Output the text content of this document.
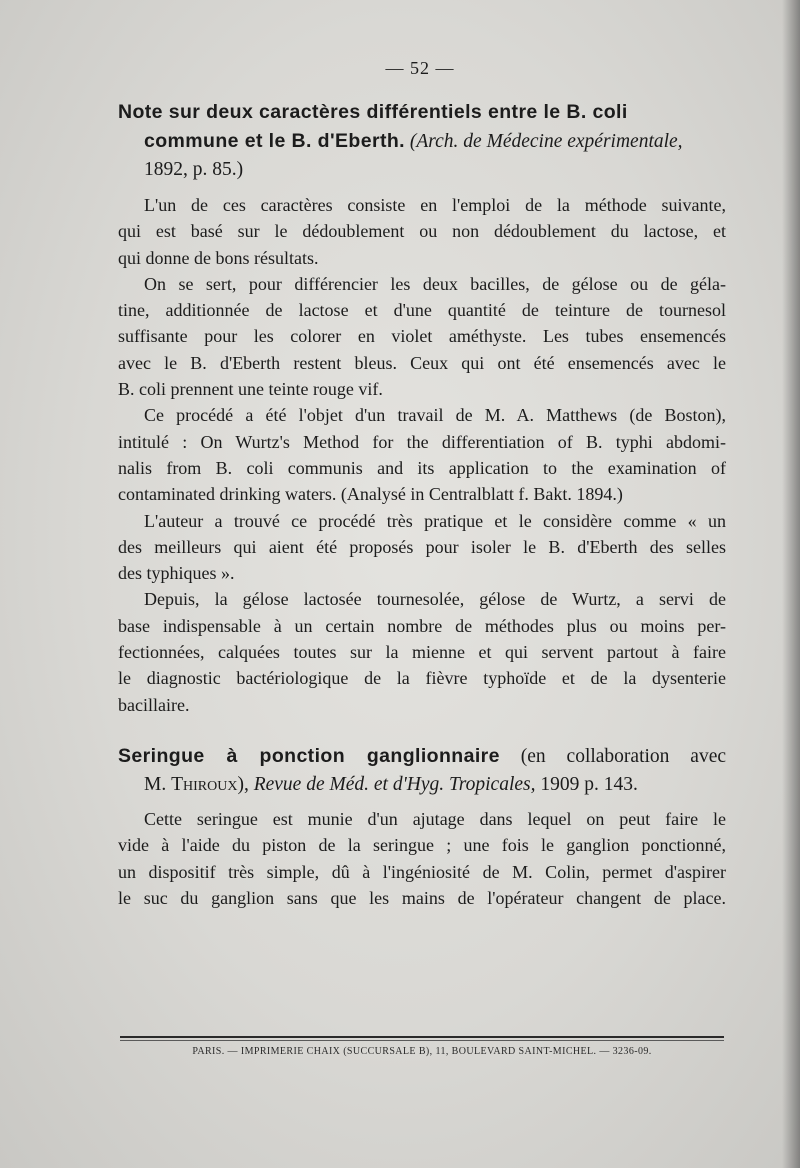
— 52 —

Note sur deux caractères différentiels entre le B. coli
commune et le B. d'Eberth. (Arch. de Médecine expérimentale,
1892, p. 85.)

L'un de ces caractères consiste en l'emploi de la méthode suivante,
qui est basé sur le dédoublement ou non dédoublement du lactose, et
qui donne de bons résultats.

On se sert, pour différencier les deux bacilles, de gélose ou de géla-
tine, additionnée de lactose et d'une quantité de teinture de tournesol
suffisante pour les colorer en violet améthyste. Les tubes ensemencés
avec le B. d'Eberth restent bleus. Ceux qui ont été ensemencés avec le
B. coli prennent une teinte rouge vif.

Ce procédé a été l'objet d'un travail de M. A. Matthews (de Boston),
intitulé : On Wurtz's Method for the differentiation of B. typhi abdomi-
nalis from B. coli communis and its application to the examination of
contaminated drinking waters. (Analysé in Centralblatt f. Bakt. 1894.)

L'auteur a trouvé ce procédé très pratique et le considère comme « un
des meilleurs qui aient été proposés pour isoler le B. d'Eberth des selles
des typhiques ».

Depuis, la gélose lactosée tournesolée, gélose de Wurtz, a servi de
base indispensable à un certain nombre de méthodes plus ou moins per-
fectionnées, calquées toutes sur la mienne et qui servent partout à faire
le diagnostic bactériologique de la fièvre typhoïde et de la dysenterie
bacillaire.

Seringue à ponction ganglionnaire (en collaboration avec
M. Thiroux), Revue de Méd. et d'Hyg. Tropicales, 1909 p. 143.

Cette seringue est munie d'un ajutage dans lequel on peut faire le
vide à l'aide du piston de la seringue ; une fois le ganglion ponctionné,
un dispositif très simple, dû à l'ingéniosité de M. Colin, permet d'aspirer
le suc du ganglion sans que les mains de l'opérateur changent de place.

PARIS. — IMPRIMERIE CHAIX (SUCCURSALE B), 11, BOULEVARD SAINT-MICHEL. — 3236-09.
